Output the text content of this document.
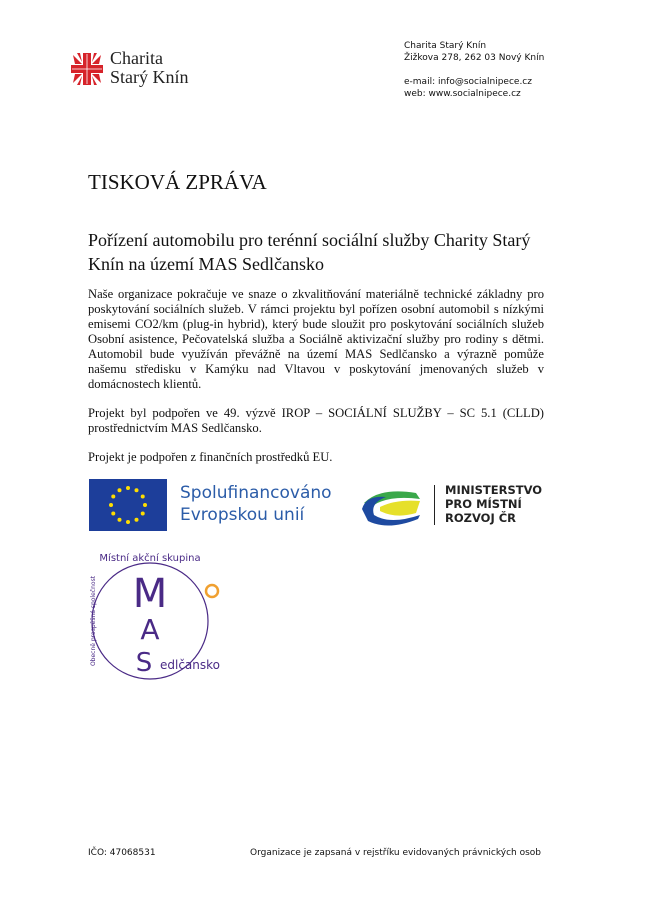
Charita
Starý Knín
Charita Starý Knín
Žižkova 278, 262 03 Nový Knín
e-mail: info@socialnipece.cz
web: www.socialnipece.cz
TISKOVÁ ZPRÁVA
Pořízení automobilu pro terénní sociální služby Charity Starý Knín na území MAS Sedlčansko
Naše organizace pokračuje ve snaze o zkvalitňování materiálně technické základny pro poskytování sociálních služeb. V rámci projektu byl pořízen osobní automobil s nízkými emisemi CO2/km (plug-in hybrid), který bude sloužit pro poskytování sociálních služeb Osobní asistence, Pečovatelská služba a Sociálně aktivizační služby pro rodiny s dětmi. Automobil bude využíván převážně na území MAS Sedlčansko a výrazně pomůže našemu středisku v Kamýku nad Vltavou v poskytování jmenovaných služeb v domácnostech klientů.
Projekt byl podpořen ve 49. výzvě IROP – SOCIÁLNÍ SLUŽBY – SC 5.1 (CLLD) prostřednictvím MAS Sedlčansko.
Projekt je podpořen z finančních prostředků EU.
Spolufinancováno
Evropskou unií
MINISTERSTVO
PRO MÍSTNÍ
ROZVOJ ČR
Místní akční skupina
M
A
S edlčansko
Obecně prospěšná společnost
IČO: 47068531	Organizace je zapsaná v rejstříku evidovaných právnických osob
